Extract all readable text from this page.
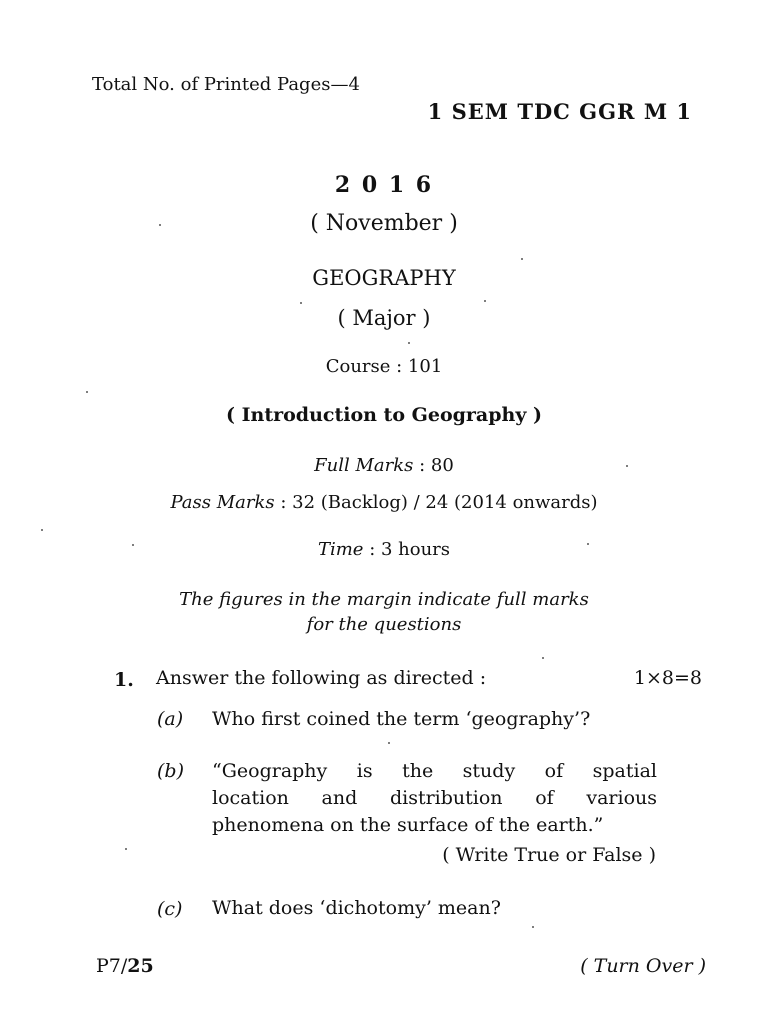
Total No. of Printed Pages—4
1 SEM TDC GGR M 1
2 0 1 6
( November )
GEOGRAPHY
( Major )
Course : 101
( Introduction to Geography )
Full Marks : 80
Pass Marks : 32 (Backlog) / 24 (2014 onwards)
Time : 3 hours
The figures in the margin indicate full marks
for the questions
1. Answer the following as directed :	1×8=8
(a) Who first coined the term ‘geography’?
(b) “Geography is the study of spatial
location and distribution of various
phenomena on the surface of the earth.”
( Write True or False )
(c) What does ‘dichotomy’ mean?
P7/25	( Turn Over )
